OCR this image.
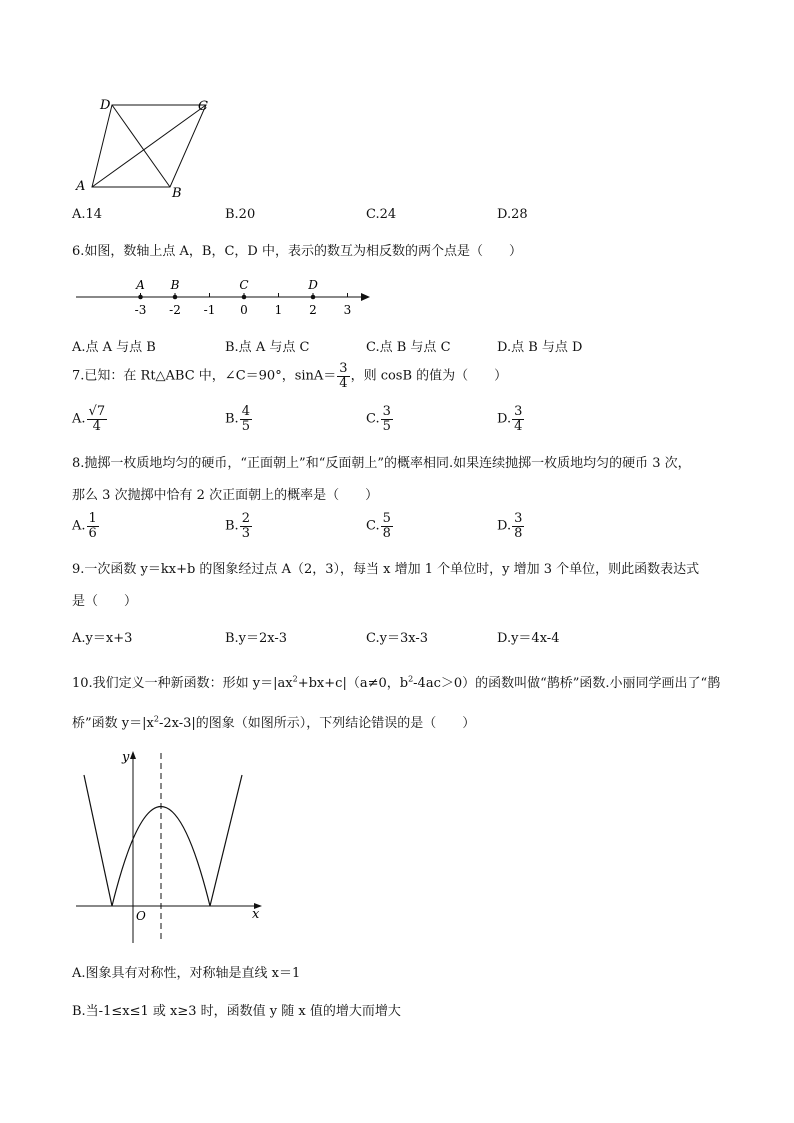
D	C
A	B
A.14	B.20	C.24	D.28
6.如图，数轴上点 A，B，C，D 中，表示的数互为相反数的两个点是（　　）
-3 -2 -1 0 1 2 3
A B	C	D
A.点 A 与点 B	B.点 A 与点 C	C.点 B 与点 C	D.点 B 与点 D
7.已知：在 Rt△ABC 中，∠C＝90°，$\sin A= \frac{3}{4}$ ，则 cosB 的值为（　　）
A. $\frac{√7}{4}$	B. $\frac{4}{5}$	C. $\frac{3}{5}$	D. $\frac{3}{4}$
8.抛掷一枚质地均匀的硬币，“正面朝上”和“反面朝上”的概率相同.如果连续抛掷一枚质地均匀的硬币 3 次，
那么 3 次抛掷中恰有 2 次正面朝上的概率是（　　）
A. $\frac{1}{6}$	B. $\frac{2}{3}$	C. $\frac{5}{8}$	D. $\frac{3}{8}$
9.一次函数 y＝kx+b 的图象经过点 A（2，3），每当 x 增加 1 个单位时，y 增加 3 个单位，则此函数表达式
是（　　）
A.y＝x+3	B.y＝2x-3	C.y＝3x-3	D.y＝4x-4
10.我们定义一种新函数：形如 $y=|ax^2+bx+c|(a\ne 0$，$b^2-4ac>0$）的函数叫做“鹊桥”函数.小丽同学画出了“鹊
桥”函数 $y=|x^2-2x-3|$的图象（如图所示），下列结论错误的是（　　）
x
y
O
A.图象具有对称性，对称轴是直线 x＝1
B.当-1≤x≤1 或 x≥3 时，函数值 y 随 x 值的增大而增大
